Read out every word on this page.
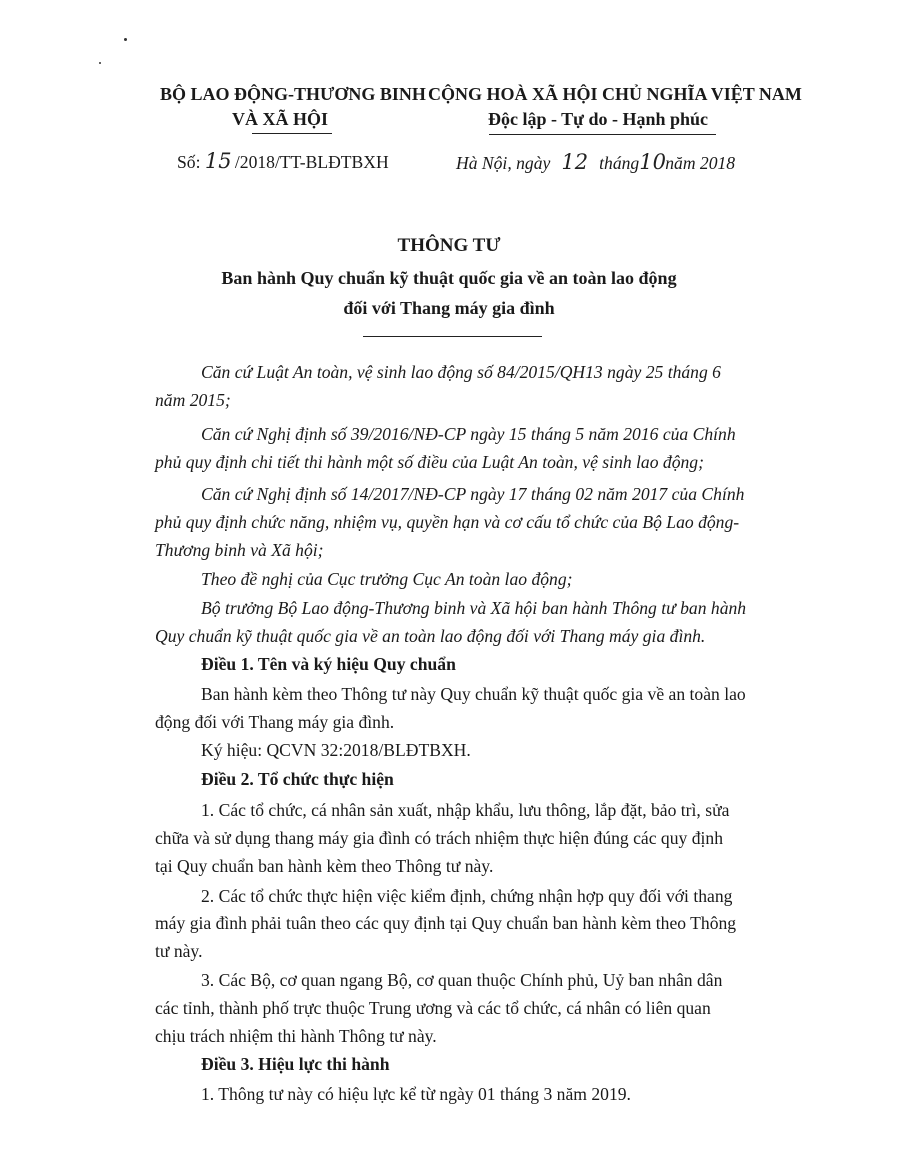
BỘ LAO ĐỘNG-THƯƠNG BINH
VÀ XÃ HỘI
CỘNG HOÀ XÃ HỘI CHỦ NGHĨA VIỆT NAM
Độc lập - Tự do - Hạnh phúc
Số: 15 /2018/TT-BLĐTBXH	Hà Nội, ngày 12 tháng10năm 2018
THÔNG TƯ
Ban hành Quy chuẩn kỹ thuật quốc gia về an toàn lao động
đối với Thang máy gia đình
Căn cứ Luật An toàn, vệ sinh lao động số 84/2015/QH13 ngày 25 tháng 6
năm 2015;
Căn cứ Nghị định số 39/2016/NĐ-CP ngày 15 tháng 5 năm 2016 của Chính
phủ quy định chi tiết thi hành một số điều của Luật An toàn, vệ sinh lao động;
Căn cứ Nghị định số 14/2017/NĐ-CP ngày 17 tháng 02 năm 2017 của Chính
phủ quy định chức năng, nhiệm vụ, quyền hạn và cơ cấu tổ chức của Bộ Lao động-
Thương binh và Xã hội;
Theo đề nghị của Cục trưởng Cục An toàn lao động;
Bộ trưởng Bộ Lao động-Thương binh và Xã hội ban hành Thông tư ban hành
Quy chuẩn kỹ thuật quốc gia về an toàn lao động đối với Thang máy gia đình.
Điều 1. Tên và ký hiệu Quy chuẩn
Ban hành kèm theo Thông tư này Quy chuẩn kỹ thuật quốc gia về an toàn lao
động đối với Thang máy gia đình.
Ký hiệu: QCVN 32:2018/BLĐTBXH.
Điều 2. Tổ chức thực hiện
1. Các tổ chức, cá nhân sản xuất, nhập khẩu, lưu thông, lắp đặt, bảo trì, sửa
chữa và sử dụng thang máy gia đình có trách nhiệm thực hiện đúng các quy định
tại Quy chuẩn ban hành kèm theo Thông tư này.
2. Các tổ chức thực hiện việc kiểm định, chứng nhận hợp quy đối với thang
máy gia đình phải tuân theo các quy định tại Quy chuẩn ban hành kèm theo Thông
tư này.
3. Các Bộ, cơ quan ngang Bộ, cơ quan thuộc Chính phủ, Uỷ ban nhân dân
các tỉnh, thành phố trực thuộc Trung ương và các tổ chức, cá nhân có liên quan
chịu trách nhiệm thi hành Thông tư này.
Điều 3. Hiệu lực thi hành
1. Thông tư này có hiệu lực kể từ ngày 01 tháng 3 năm 2019.
